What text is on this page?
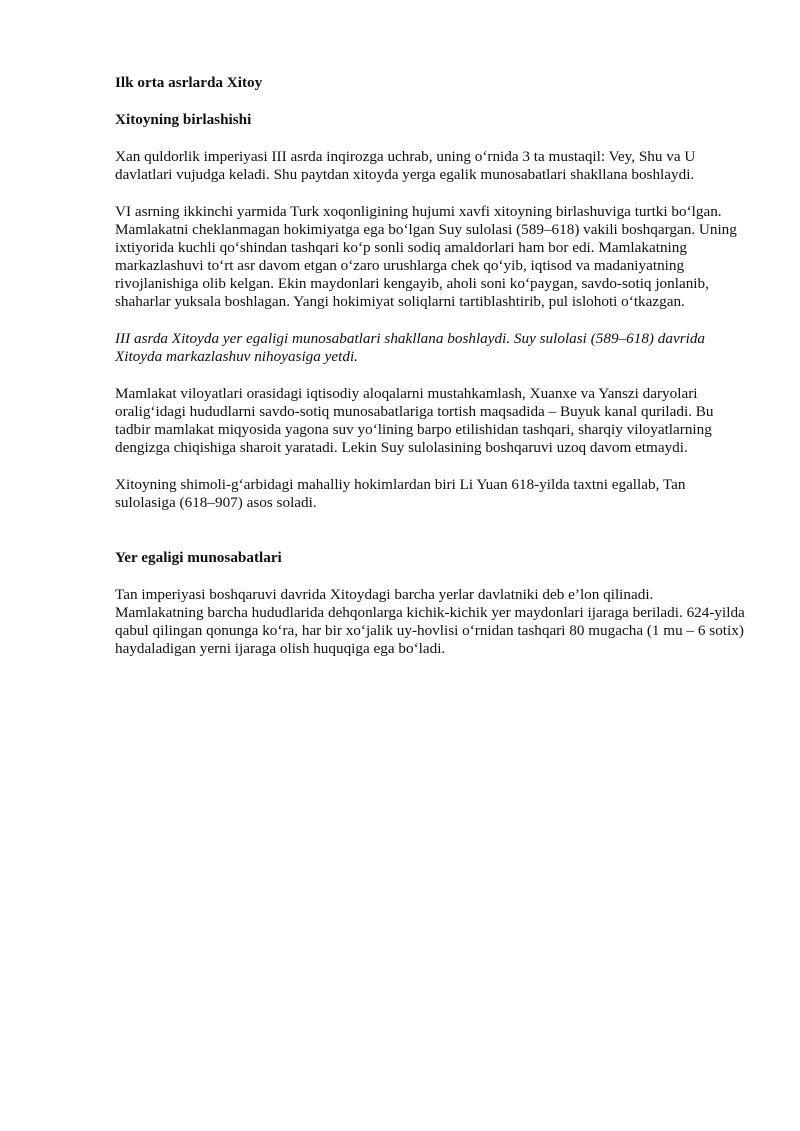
Ilk orta asrlarda Xitoy

Xitoyning birlashishi

Xan quldorlik imperiyasi III asrda inqirozga uchrab, uning oʻrnida 3 ta mustaqil: Vey, Shu va U davlatlari vujudga keladi. Shu paytdan xitoyda yerga egalik munosabatlari shakllana boshlaydi.

VI asrning ikkinchi yarmida Turk xoqonligining hujumi xavfi xitoyning birlashuviga turtki boʻlgan. Mamlakatni cheklanmagan hokimiyatga ega boʻlgan Suy sulolasi (589–618) vakili boshqargan. Uning ixtiyorida kuchli qoʻshindan tashqari koʻp sonli sodiq amaldorlari ham bor edi. Mamlakatning markazlashuvi toʻrt asr davom etgan oʻzaro urushlarga chek qoʻyib, iqtisod va madaniyatning rivojlanishiga olib kelgan. Ekin maydonlari kengayib, aholi soni koʻpaygan, savdo-sotiq jonlanib, shaharlar yuksala boshlagan. Yangi hokimiyat soliqlarni tartiblashtirib, pul islohoti oʻtkazgan.

III asrda Xitoyda yer egaligi munosabatlari shakllana boshlaydi. Suy sulolasi (589–618) davrida Xitoyda markazlashuv nihoyasiga yetdi.

Mamlakat viloyatlari orasidagi iqtisodiy aloqalarni mustahkamlash, Xuanxe va Yanszi daryolari oraligʻidagi hududlarni savdo-sotiq munosabatlariga tortish maqsadida – Buyuk kanal quriladi. Bu tadbir mamlakat miqyosida yagona suv yoʻlining barpo etilishidan tashqari, sharqiy viloyatlarning dengizga chiqishiga sharoit yaratadi. Lekin Suy sulolasining boshqaruvi uzoq davom etmaydi.

Xitoyning shimoli-gʻarbidagi mahalliy hokimlardan biri Li Yuan 618-yilda taxtni egallab, Tan sulolasiga (618–907) asos soladi.

Yer egaligi munosabatlari

Tan imperiyasi boshqaruvi davrida Xitoydagi barcha yerlar davlatniki deb e’lon qilinadi. Mamlakatning barcha hududlarida dehqonlarga kichik-kichik yer maydonlari ijaraga beriladi. 624-yilda qabul qilingan qonunga koʻra, har bir xoʻjalik uy-hovlisi oʻrnidan tashqari 80 mugacha (1 mu – 6 sotix) haydaladigan yerni ijaraga olish huquqiga ega boʻladi.
